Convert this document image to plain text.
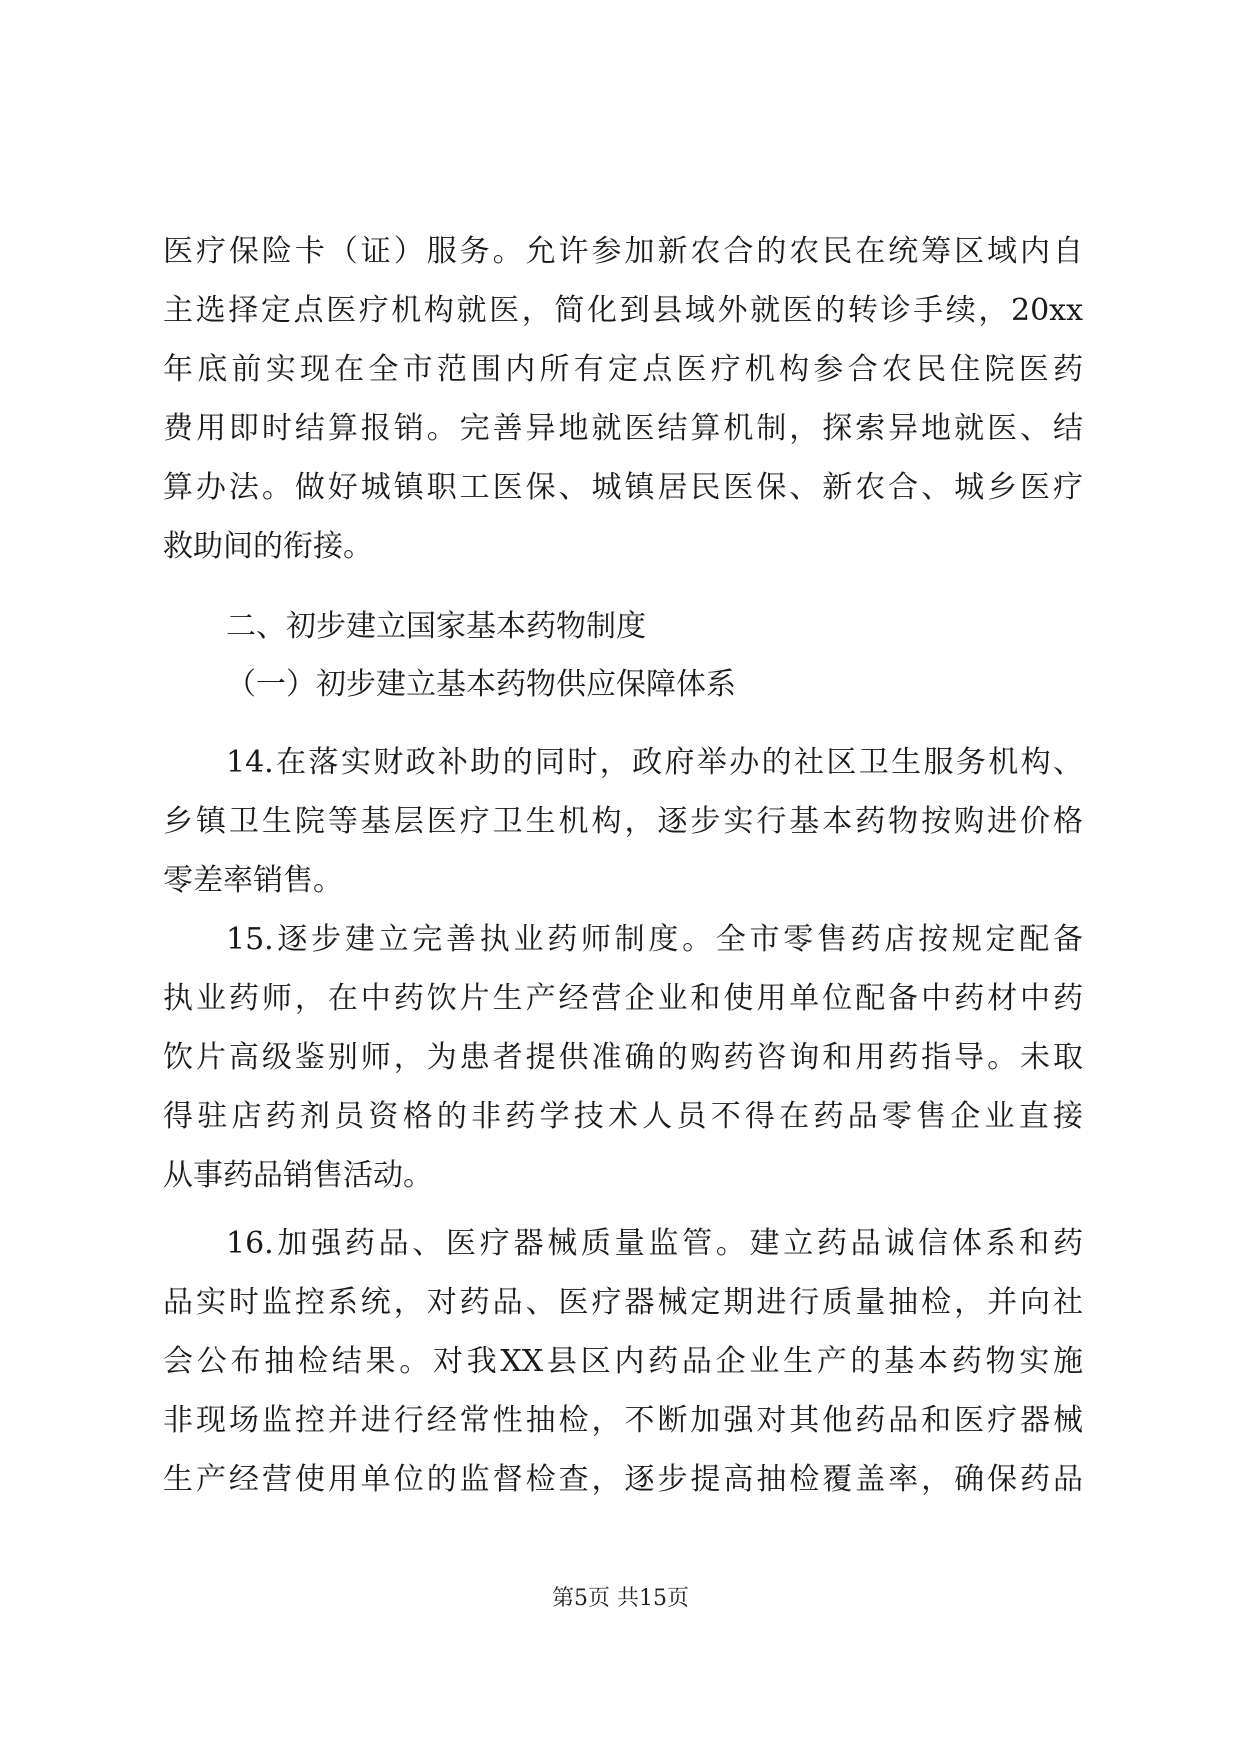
医疗保险卡（证）服务。允许参加新农合的农民在统筹区域内自
主选择定点医疗机构就医，简化到县域外就医的转诊手续，20xx
年底前实现在全市范围内所有定点医疗机构参合农民住院医药
费用即时结算报销。完善异地就医结算机制，探索异地就医、结
算办法。做好城镇职工医保、城镇居民医保、新农合、城乡医疗
救助间的衔接。
二、初步建立国家基本药物制度
（一）初步建立基本药物供应保障体系
14.在落实财政补助的同时，政府举办的社区卫生服务机构、
乡镇卫生院等基层医疗卫生机构，逐步实行基本药物按购进价格
零差率销售。
15.逐步建立完善执业药师制度。全市零售药店按规定配备
执业药师，在中药饮片生产经营企业和使用单位配备中药材中药
饮片高级鉴别师，为患者提供准确的购药咨询和用药指导。未取
得驻店药剂员资格的非药学技术人员不得在药品零售企业直接
从事药品销售活动。
16.加强药品、医疗器械质量监管。建立药品诚信体系和药
品实时监控系统，对药品、医疗器械定期进行质量抽检，并向社
会公布抽检结果。对我XX县区内药品企业生产的基本药物实施
非现场监控并进行经常性抽检，不断加强对其他药品和医疗器械
生产经营使用单位的监督检查，逐步提高抽检覆盖率，确保药品
第5页 共15页
